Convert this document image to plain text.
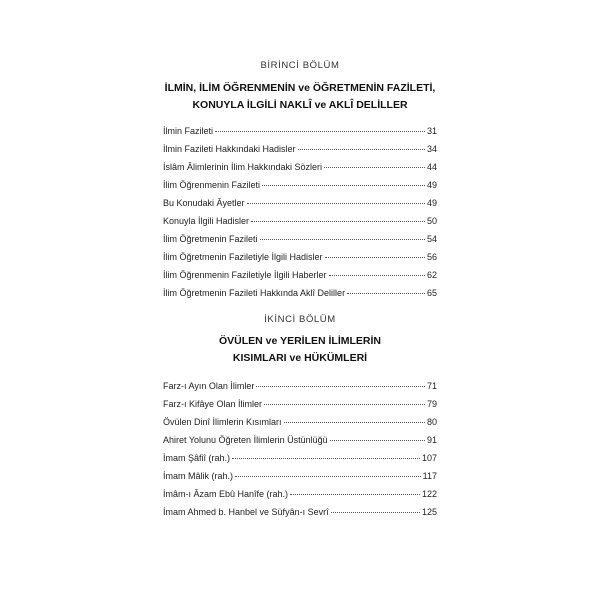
BİRİNCİ BÖLÜM
İLMİN, İLİM ÖĞRENMENİN ve ÖĞRETMENİN FAZİLETİ,
KONUYLA İLGİLİ NAKLÎ ve AKLÎ DELİLLER
İlmin Fazileti	31
İlmin Fazileti Hakkındaki Hadisler	34
İslâm Âlimlerinin İlim Hakkındaki Sözleri	44
İlim Öğrenmenin Fazileti	49
Bu Konudaki Âyetler	49
Konuyla İlgili Hadisler	50
İlim Öğretmenin Fazileti	54
İlim Öğretmenin Faziletiyle İlgili Hadisler	56
İlim Öğrenmenin Faziletiyle İlgili Haberler	62
İlim Öğretmenin Fazileti Hakkında Aklî Deliller	65
İKİNCİ BÖLÜM
ÖVÜLEN ve YERİLEN İLİMLERİN
KISIMLARI ve HÜKÜMLERİ
Farz-ı Ayın Olan İlimler	71
Farz-ı Kifâye Olan İlimler	79
Övülen Dinî İlimlerin Kısımları	80
Ahiret Yolunu Öğreten İlimlerin Üstünlüğü	91
İmam Şâfiî (rah.)	107
İmam Mâlik (rah.)	117
İmâm-ı Âzam Ebû Hanîfe (rah.)	122
İmam Ahmed b. Hanbel ve Süfyân-ı Sevrî	125
